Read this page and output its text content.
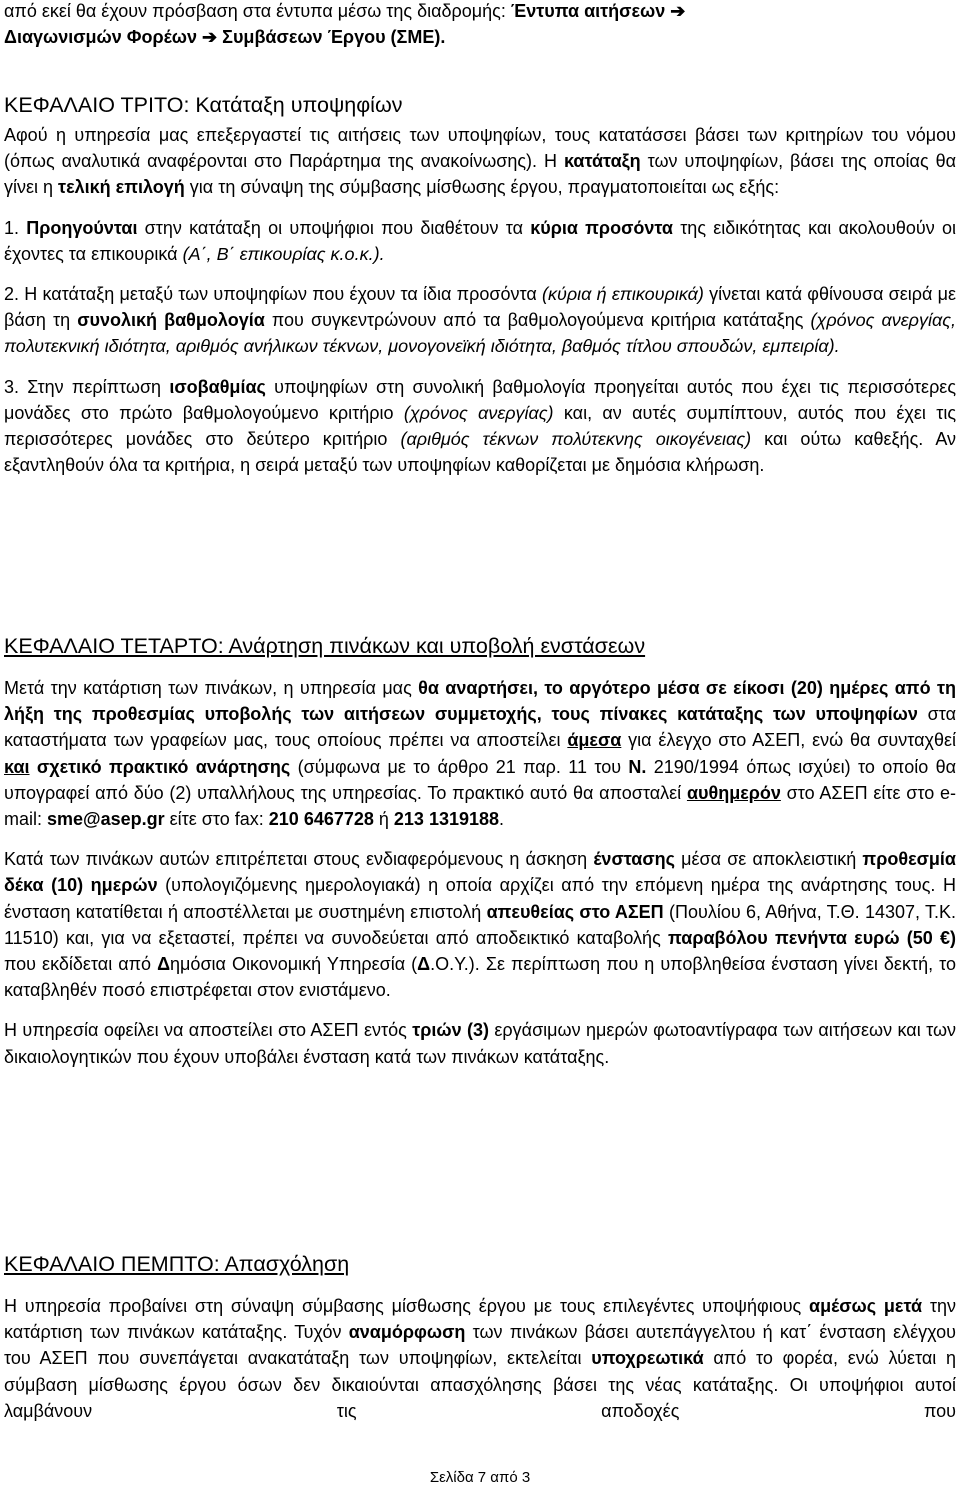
από εκεί θα έχουν πρόσβαση στα έντυπα μέσω της διαδρομής: Έντυπα αιτήσεων ➔

Διαγωνισμών Φορέων ➔ Συμβάσεων Έργου (ΣΜΕ).

ΚΕΦΑΛΑΙΟ ΤΡΙΤΟ: Κατάταξη υποψηφίων

Αφού η υπηρεσία μας επεξεργαστεί τις αιτήσεις των υποψηφίων, τους κατατάσσει βάσει των κριτηρίων του νόμου (όπως αναλυτικά αναφέρονται στο Παράρτημα της ανακοίνωσης). Η κατάταξη των υποψηφίων, βάσει της οποίας θα γίνει η τελική επιλογή για τη σύναψη της σύμβασης μίσθωσης έργου, πραγματοποιείται ως εξής:

1. Προηγούνται στην κατάταξη οι υποψήφιοι που διαθέτουν τα κύρια προσόντα της ειδικότητας και ακολουθούν οι έχοντες τα επικουρικά (Α΄, Β΄ επικουρίας κ.ο.κ.).

2. Η κατάταξη μεταξύ των υποψηφίων που έχουν τα ίδια προσόντα (κύρια ή επικουρικά) γίνεται κατά φθίνουσα σειρά με βάση τη συνολική βαθμολογία που συγκεντρώνουν από τα βαθμολογούμενα κριτήρια κατάταξης (χρόνος ανεργίας, πολυτεκνική ιδιότητα, αριθμός ανήλικων τέκνων, μονογονεϊκή ιδιότητα, βαθμός τίτλου σπουδών, εμπειρία).

3. Στην περίπτωση ισοβαθμίας υποψηφίων στη συνολική βαθμολογία προηγείται αυτός που έχει τις περισσότερες μονάδες στο πρώτο βαθμολογούμενο κριτήριο (χρόνος ανεργίας) και, αν αυτές συμπίπτουν, αυτός που έχει τις περισσότερες μονάδες στο δεύτερο κριτήριο (αριθμός τέκνων πολύτεκνης οικογένειας) και ούτω καθεξής. Αν εξαντληθούν όλα τα κριτήρια, η σειρά μεταξύ των υποψηφίων καθορίζεται με δημόσια κλήρωση.

ΚΕΦΑΛΑΙΟ ΤΕΤΑΡΤΟ: Ανάρτηση πινάκων και υποβολή ενστάσεων

Μετά την κατάρτιση των πινάκων, η υπηρεσία μας θα αναρτήσει, το αργότερο μέσα σε είκοσι (20) ημέρες από τη λήξη της προθεσμίας υποβολής των αιτήσεων συμμετοχής, τους πίνακες κατάταξης των υποψηφίων στα καταστήματα των γραφείων μας, τους οποίους πρέπει να αποστείλει άμεσα για έλεγχο στο ΑΣΕΠ, ενώ θα συνταχθεί και σχετικό πρακτικό ανάρτησης (σύμφωνα με το άρθρο 21 παρ. 11 του Ν. 2190/1994 όπως ισχύει) το οποίο θα υπογραφεί από δύο (2) υπαλλήλους της υπηρεσίας. Το πρακτικό αυτό θα αποσταλεί αυθημερόν στο ΑΣΕΠ είτε στο e-mail: sme@asep.gr είτε στο fax: 210 6467728 ή 213 1319188.

Κατά των πινάκων αυτών επιτρέπεται στους ενδιαφερόμενους η άσκηση ένστασης μέσα σε αποκλειστική προθεσμία δέκα (10) ημερών (υπολογιζόμενης ημερολογιακά) η οποία αρχίζει από την επόμενη ημέρα της ανάρτησης τους. Η ένσταση κατατίθεται ή αποστέλλεται με συστημένη επιστολή απευθείας στο ΑΣΕΠ (Πουλίου 6, Αθήνα, Τ.Θ. 14307, Τ.Κ. 11510) και, για να εξεταστεί, πρέπει να συνοδεύεται από αποδεικτικό καταβολής παραβόλου πενήντα ευρώ (50 €) που εκδίδεται από Δημόσια Οικονομική Υπηρεσία (Δ.Ο.Υ.). Σε περίπτωση που η υποβληθείσα ένσταση γίνει δεκτή, το καταβληθέν ποσό επιστρέφεται στον ενιστάμενο.

Η υπηρεσία οφείλει να αποστείλει στο ΑΣΕΠ εντός τριών (3) εργάσιμων ημερών φωτοαντίγραφα των αιτήσεων και των δικαιολογητικών που έχουν υποβάλει ένσταση κατά των πινάκων κατάταξης.

ΚΕΦΑΛΑΙΟ ΠΕΜΠΤΟ: Απασχόληση

Η υπηρεσία προβαίνει στη σύναψη σύμβασης μίσθωσης έργου με τους επιλεγέντες υποψήφιους αμέσως μετά την κατάρτιση των πινάκων κατάταξης. Τυχόν αναμόρφωση των πινάκων βάσει αυτεπάγγελτου ή κατ΄ ένσταση ελέγχου του ΑΣΕΠ που συνεπάγεται ανακατάταξη των υποψηφίων, εκτελείται υποχρεωτικά από το φορέα, ενώ λύεται η σύμβαση μίσθωσης έργου όσων δεν δικαιούνται απασχόλησης βάσει της νέας κατάταξης. Οι υποψήφιοι αυτοί λαμβάνουν τις αποδοχές που

Σελίδα 7 από 3
